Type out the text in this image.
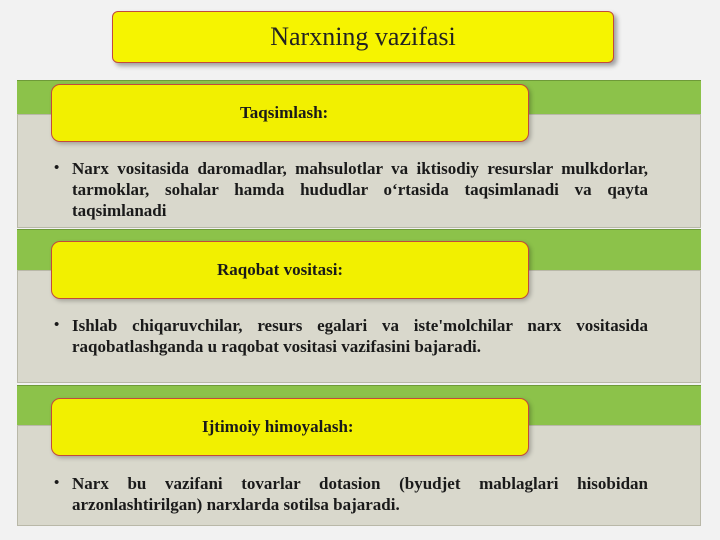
Narxning vazifasi
Taqsimlash:
• Narx vositasida daromadlar, mahsulotlar va iktisodiy resurslar mulkdorlar, tarmoklar, sohalar hamda hududlar o‘rtasida taqsimlanadi va qayta taqsimlanadi
Raqobat vositasi:
• Ishlab chiqaruvchilar, resurs egalari va iste'molchilar narx vositasida raqobatlashganda u raqobat vositasi vazifasini bajaradi.
Ijtimoiy himoyalash:
• Narx bu vazifani tovarlar dotasion (byudjet mablaglari hisobidan arzonlashtirilgan) narxlarda sotilsa bajaradi.
